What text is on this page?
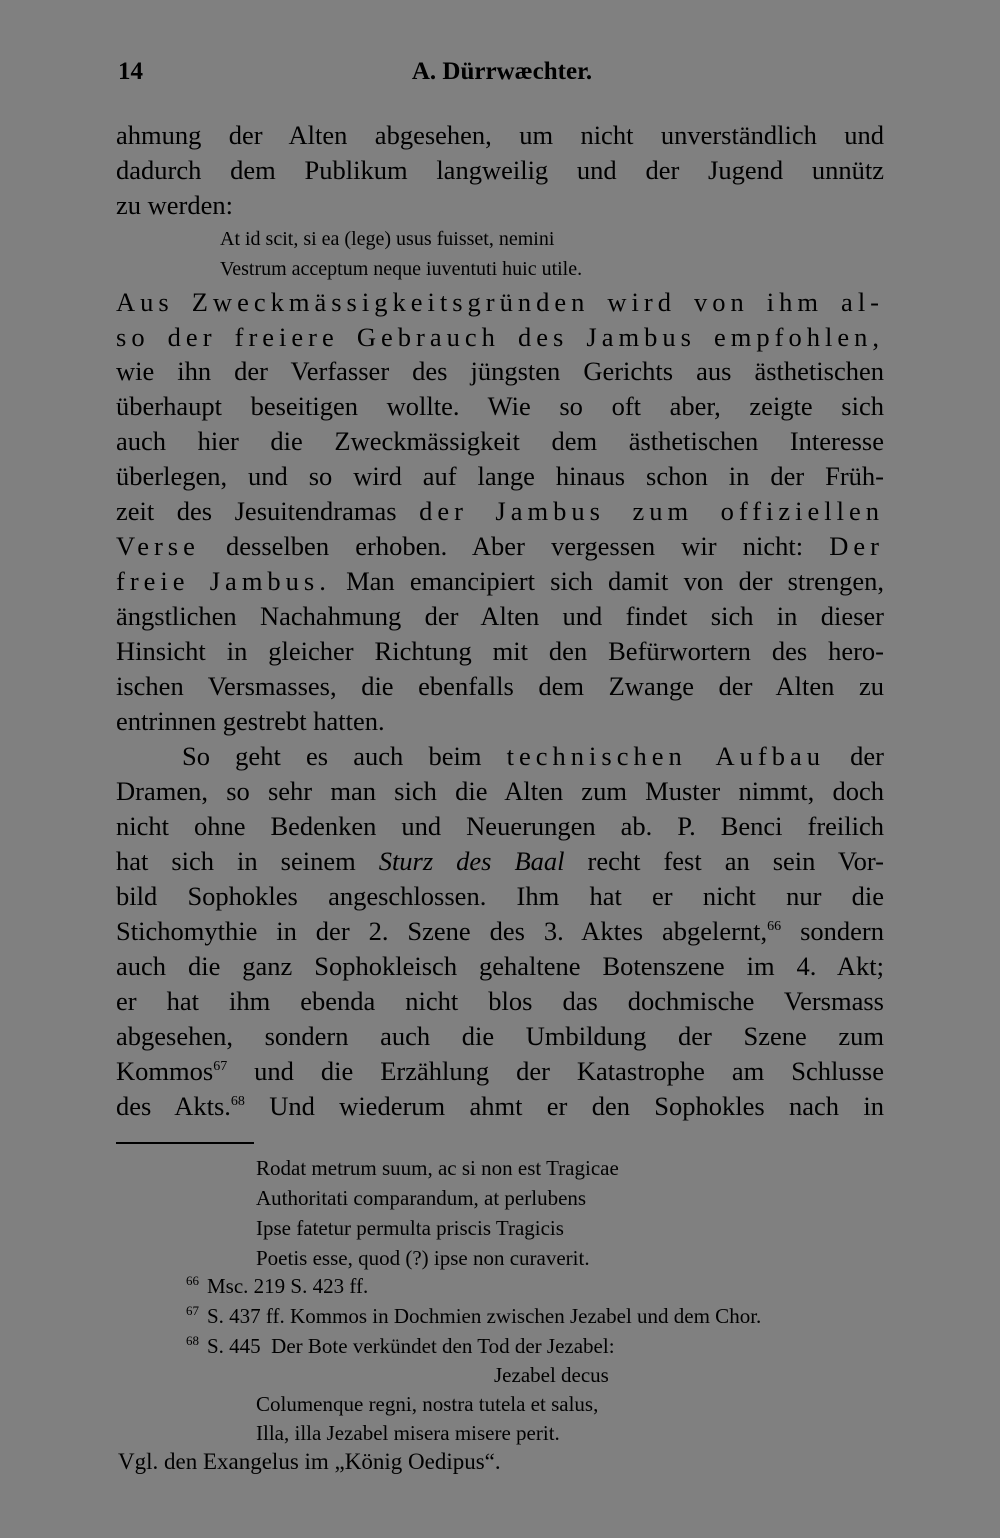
14	A. Dürrwæchter.
ahmung der Alten abgesehen, um nicht unverständlich und
dadurch dem Publikum langweilig und der Jugend unnütz
zu werden:
At id scit, si ea (lege) usus fuisset, nemini
Vestrum acceptum neque iuventuti huic utile.
Aus Zweckmässigkeitsgründen wird von ihm al-
so der freiere Gebrauch des Jambus empfohlen,
wie ihn der Verfasser des jüngsten Gerichts aus ästhetischen
überhaupt beseitigen wollte. Wie so oft aber, zeigte sich
auch hier die Zweckmässigkeit dem ästhetischen Interesse
überlegen, und so wird auf lange hinaus schon in der Früh-
zeit des Jesuitendramas der Jambus zum offiziellen
Verse desselben erhoben. Aber vergessen wir nicht: Der
freie Jambus. Man emancipiert sich damit von der strengen,
ängstlichen Nachahmung der Alten und findet sich in dieser
Hinsicht in gleicher Richtung mit den Befürwortern des hero-
ischen Versmasses, die ebenfalls dem Zwange der Alten zu
entrinnen gestrebt hatten.
So geht es auch beim technischen Aufbau der
Dramen, so sehr man sich die Alten zum Muster nimmt, doch
nicht ohne Bedenken und Neuerungen ab. P. Benci freilich
hat sich in seinem Sturz des Baal recht fest an sein Vor-
bild Sophokles angeschlossen. Ihm hat er nicht nur die
Stichomythie in der 2. Szene des 3. Aktes abgelernt,$^{66}$ sondern
auch die ganz Sophokleisch gehaltene Botenszene im 4. Akt;
er hat ihm ebenda nicht blos das dochmische Versmass
abgesehen, sondern auch die Umbildung der Szene zum
Kommos$^{67}$ und die Erzählung der Katastrophe am Schlusse
des Akts.$^{68}$ Und wiederum ahmt er den Sophokles nach in
Rodat metrum suum, ac si non est Tragicae
Authoritati comparandum, at perlubens
Ipse fatetur permulta priscis Tragicis
Poetis esse, quod (?) ipse non curaverit.
$^{66}$ Msc. 219 S. 423 ff.
$^{67}$ S. 437 ff. Kommos in Dochmien zwischen Jezabel und dem Chor.
$^{68}$ S. 445  Der Bote verkündet den Tod der Jezabel:
Jezabel decus
Columenque regni, nostra tutela et salus,
Illa, illa Jezabel misera misere perit.
Vgl. den Exangelus im „König Oedipus“.
